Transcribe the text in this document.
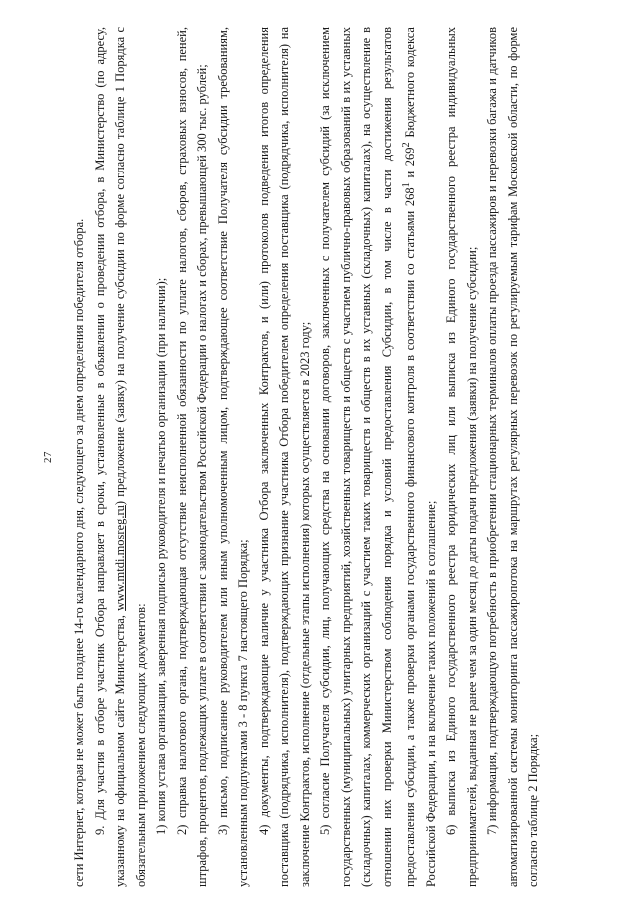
27 сети Интернет, которая не может быть позднее 14-го календарного дня, следующего за днем определения победителя отбора. 9. Для участия в отборе участник Отбора направляет в сроки, установленные в объявлении о проведении отбора, в Министерство (по адресу, указанному на официальном сайте Министерства, www.mtdi.mosreg.ru) предложение (заявку) на получение субсидии по форме согласно таблице 1 Порядка с обязательным приложением следующих документов: 1) копия устава организации, заверенная подписью руководителя и печатью организации (при наличии); 2) справка налогового органа, подтверждающая отсутствие неисполненной обязанности по уплате налогов, сборов, страховых взносов, пеней, штрафов, процентов, подлежащих уплате в соответствии с законодательством Российской Федерации о налогах и сборах, превышающей 300 тыс. рублей; 3) письмо, подписанное руководителем или иным уполномоченным лицом, подтверждающее соответствие Получателя субсидии требованиям, установленным подпунктами 3 - 8 пункта 7 настоящего Порядка; 4) документы, подтверждающие наличие у участника Отбора заключенных Контрактов, и (или) протоколов подведения итогов определения поставщика (подрядчика, исполнителя), подтверждающих признание участника Отбора победителем определения поставщика (подрядчика, исполнителя) на заключение Контрактов, исполнение (отдельные этапы исполнения) которых осуществляется в 2023 году; 5) согласие Получателя субсидии, лиц, получающих средства на основании договоров, заключенных с получателем субсидий (за исключением государственных (муниципальных) унитарных предприятий, хозяйственных товариществ и обществ с участием публично-правовых образований в их уставных (складочных) капиталах, коммерческих организаций с участием таких товариществ и обществ в их уставных (складочных) капиталах), на осуществление в отношении них проверки Министерством соблюдения порядка и условий предоставления Субсидии, в том числе в части достижения результатов предоставления субсидии, а также проверки органами государственного финансового контроля в соответствии со статьями $268^1$ и $269^2$ Бюджетного кодекса Российской Федерации, и на включение таких положений в соглашение; 6) выписка из Единого государственного реестра юридических лиц или выписка из Единого государственного реестра индивидуальных предпринимателей, выданная не ранее чем за один месяц до даты подачи предложения (заявки) на получение субсидии; 7) информация, подтверждающую потребность в приобретении стационарных терминалов оплаты проезда пассажиров и перевозки багажа и датчиков автоматизированной системы мониторинга пассажиропотока на маршрутах регулярных перевозок по регулируемым тарифам Московской области, по форме согласно таблице 2 Порядка;
